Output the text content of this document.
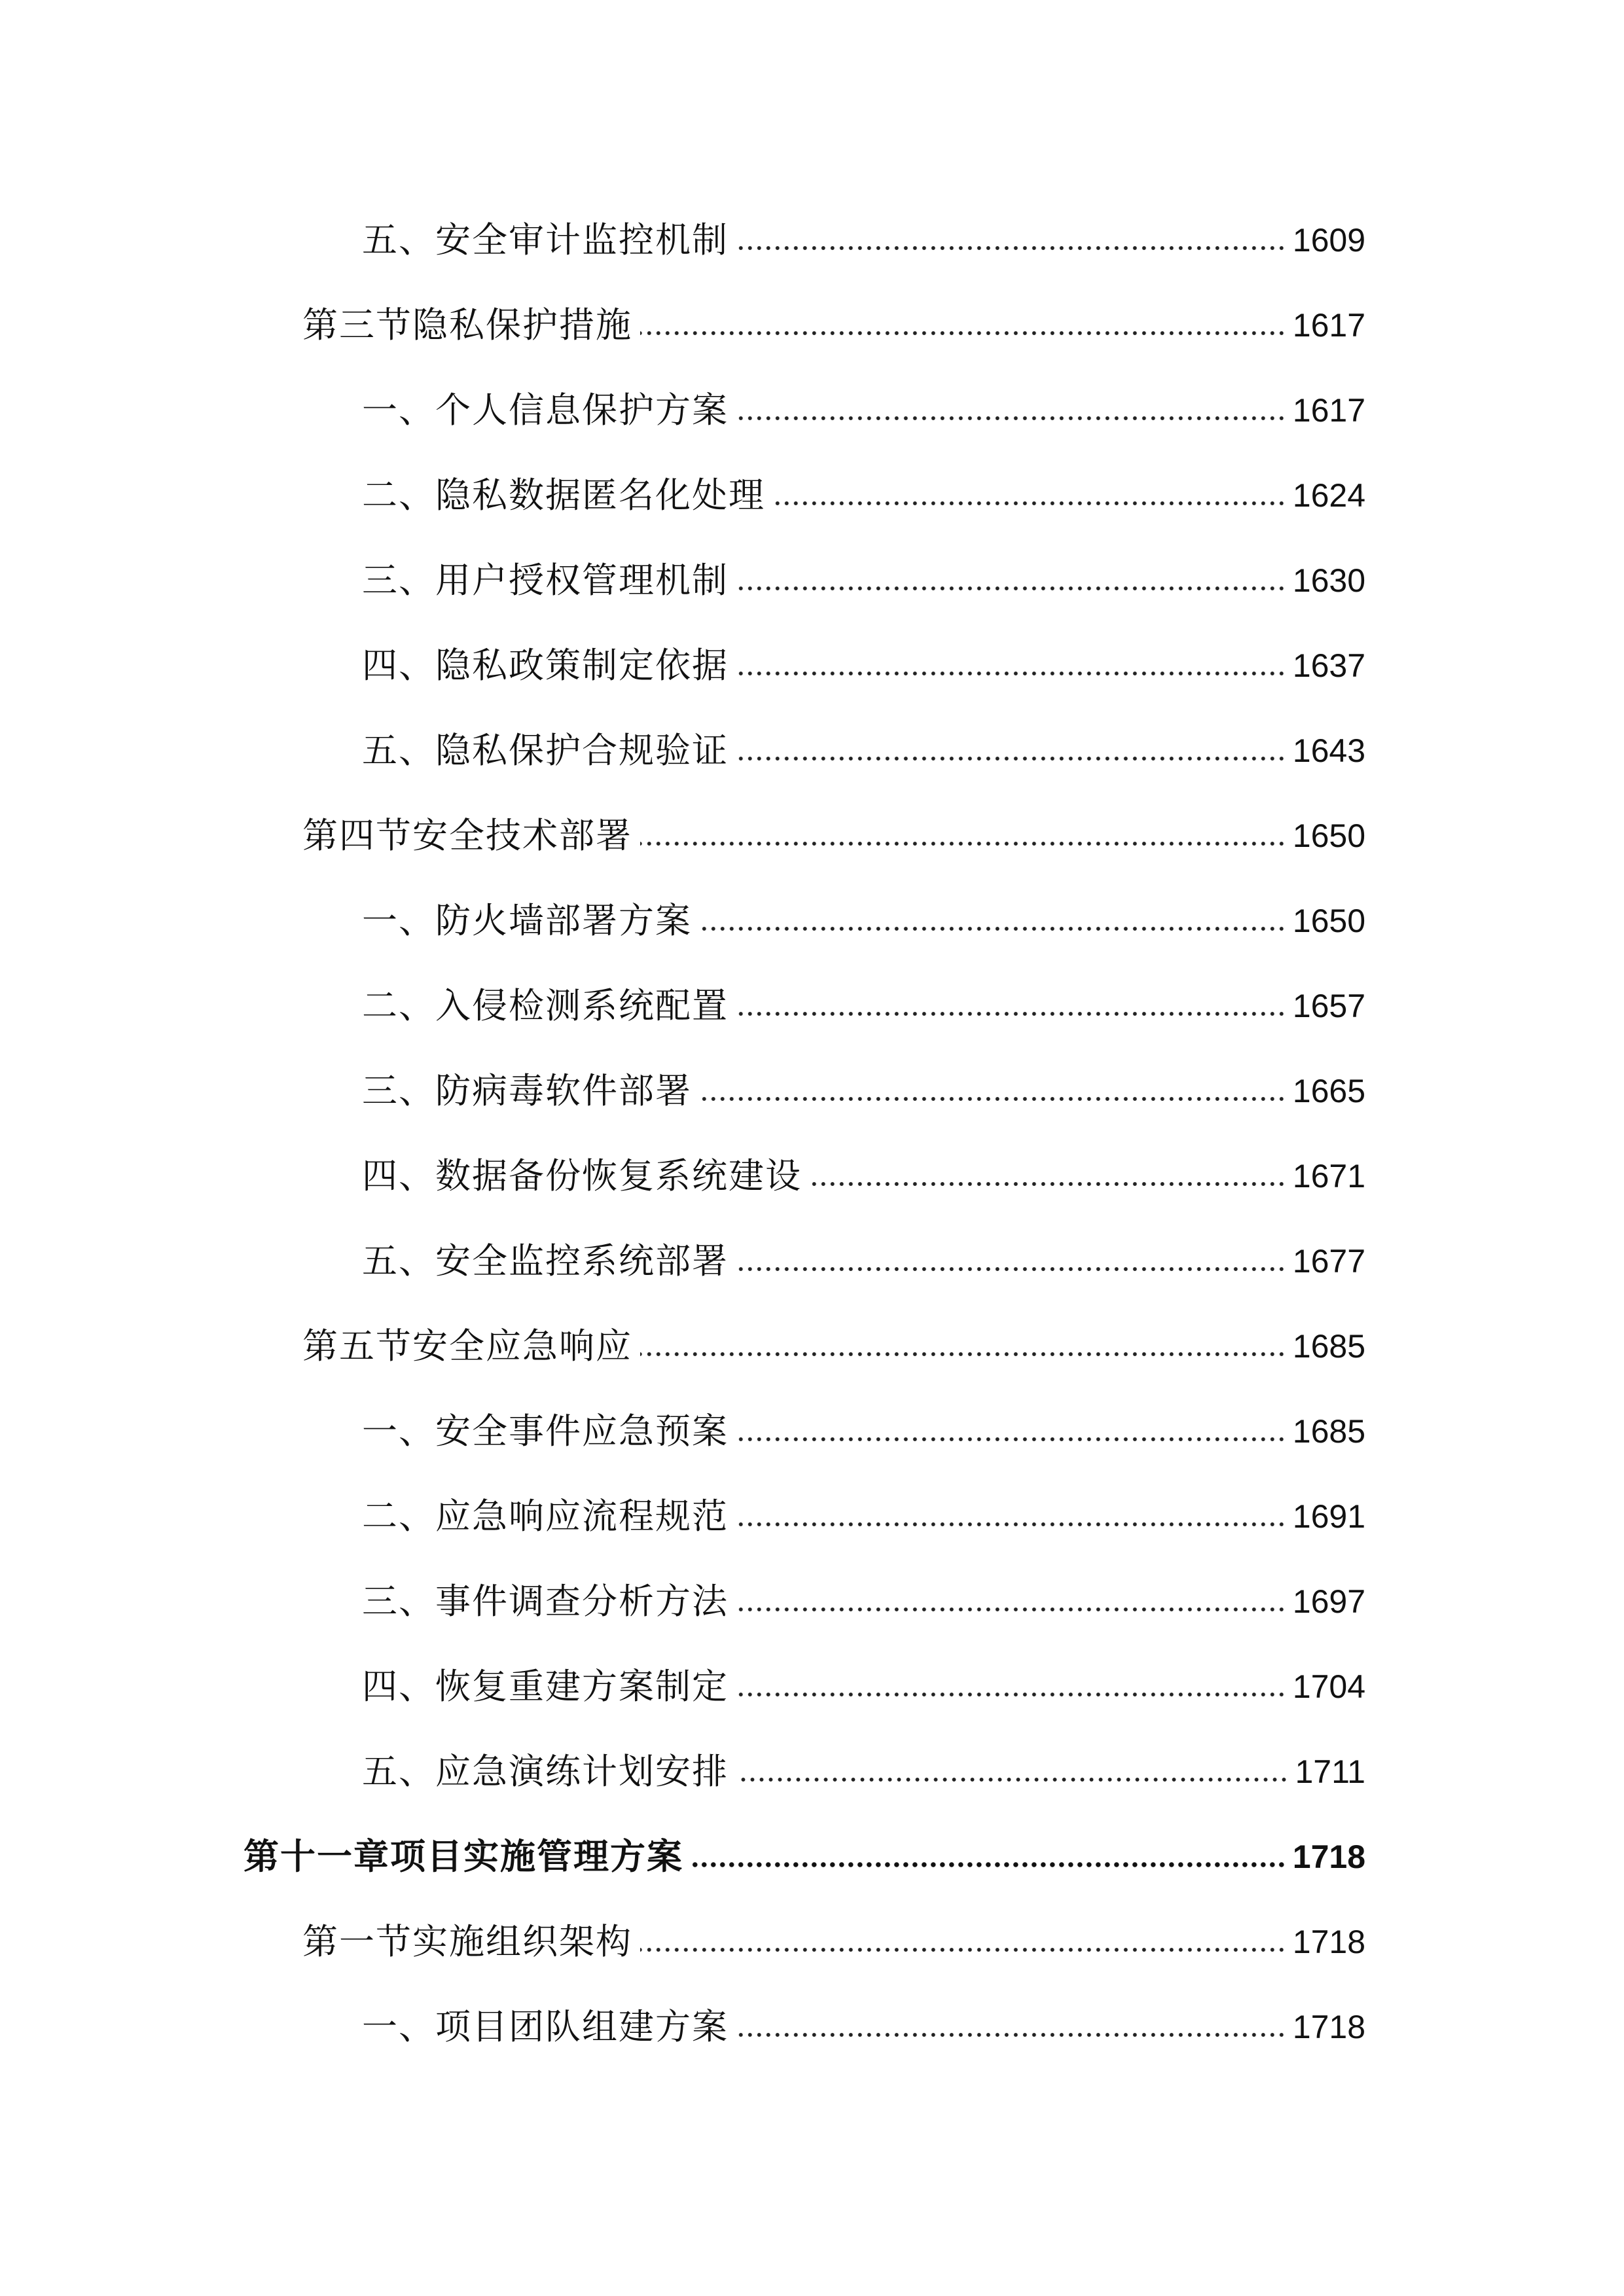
五、安全审计监控机制	1609
第三节隐私保护措施	1617
一、个人信息保护方案	1617
二、隐私数据匿名化处理	1624
三、用户授权管理机制	1630
四、隐私政策制定依据	1637
五、隐私保护合规验证	1643
第四节安全技术部署	1650
一、防火墙部署方案	1650
二、入侵检测系统配置	1657
三、防病毒软件部署	1665
四、数据备份恢复系统建设	1671
五、安全监控系统部署	1677
第五节安全应急响应	1685
一、安全事件应急预案	1685
二、应急响应流程规范	1691
三、事件调查分析方法	1697
四、恢复重建方案制定	1704
五、应急演练计划安排	1711
第十一章项目实施管理方案	1718
第一节实施组织架构	1718
一、项目团队组建方案	1718
